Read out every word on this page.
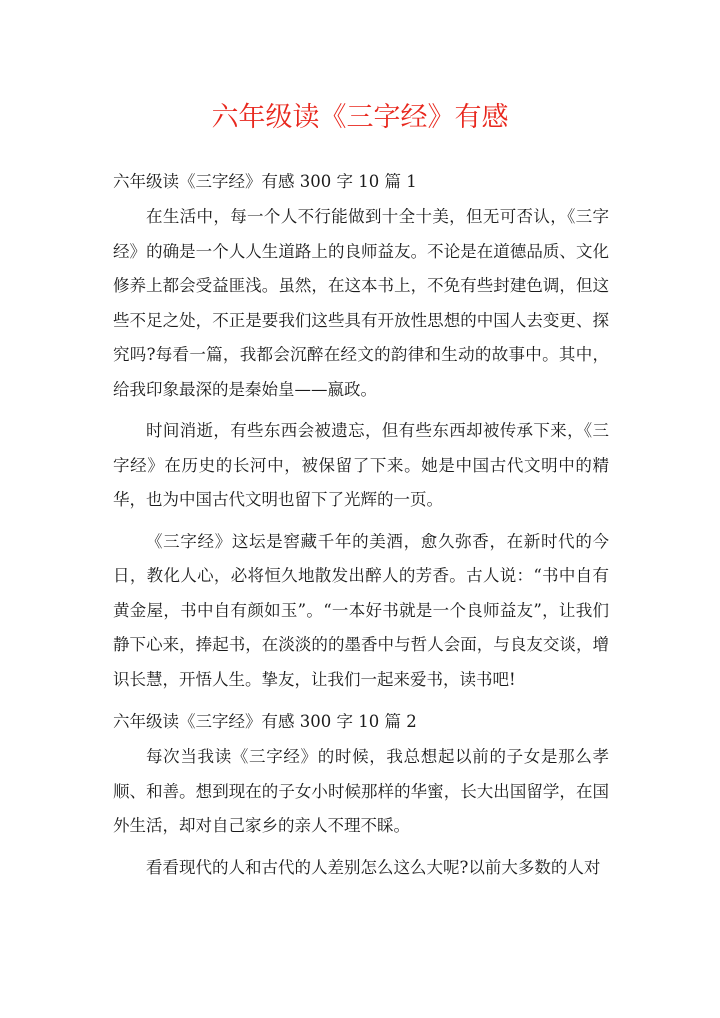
六年级读《三字经》有感
六年级读《三字经》有感 300 字 10 篇 1

在生活中，每一个人不行能做到十全十美，但无可否认，《三字经》的确是一个人人生道路上的良师益友。不论是在道德品质、文化修养上都会受益匪浅。虽然，在这本书上，不免有些封建色调，但这些不足之处，不正是要我们这些具有开放性思想的中国人去变更、探究吗?每看一篇，我都会沉醉在经文的韵律和生动的故事中。其中，给我印象最深的是秦始皇——嬴政。

时间消逝，有些东西会被遗忘，但有些东西却被传承下来，《三字经》在历史的长河中，被保留了下来。她是中国古代文明中的精华，也为中国古代文明也留下了光辉的一页。

《三字经》这坛是窖藏千年的美酒，愈久弥香，在新时代的今日，教化人心，必将恒久地散发出醉人的芳香。古人说：“书中自有黄金屋，书中自有颜如玉”。“一本好书就是一个良师益友”，让我们静下心来，捧起书，在淡淡的的墨香中与哲人会面，与良友交谈，增识长慧，开悟人生。挚友，让我们一起来爱书，读书吧!

六年级读《三字经》有感 300 字 10 篇 2

每次当我读《三字经》的时候，我总想起以前的子女是那么孝顺、和善。想到现在的子女小时候那样的华蜜，长大出国留学，在国外生活，却对自己家乡的亲人不理不睬。

看看现代的人和古代的人差别怎么这么大呢?以前大多数的人对
